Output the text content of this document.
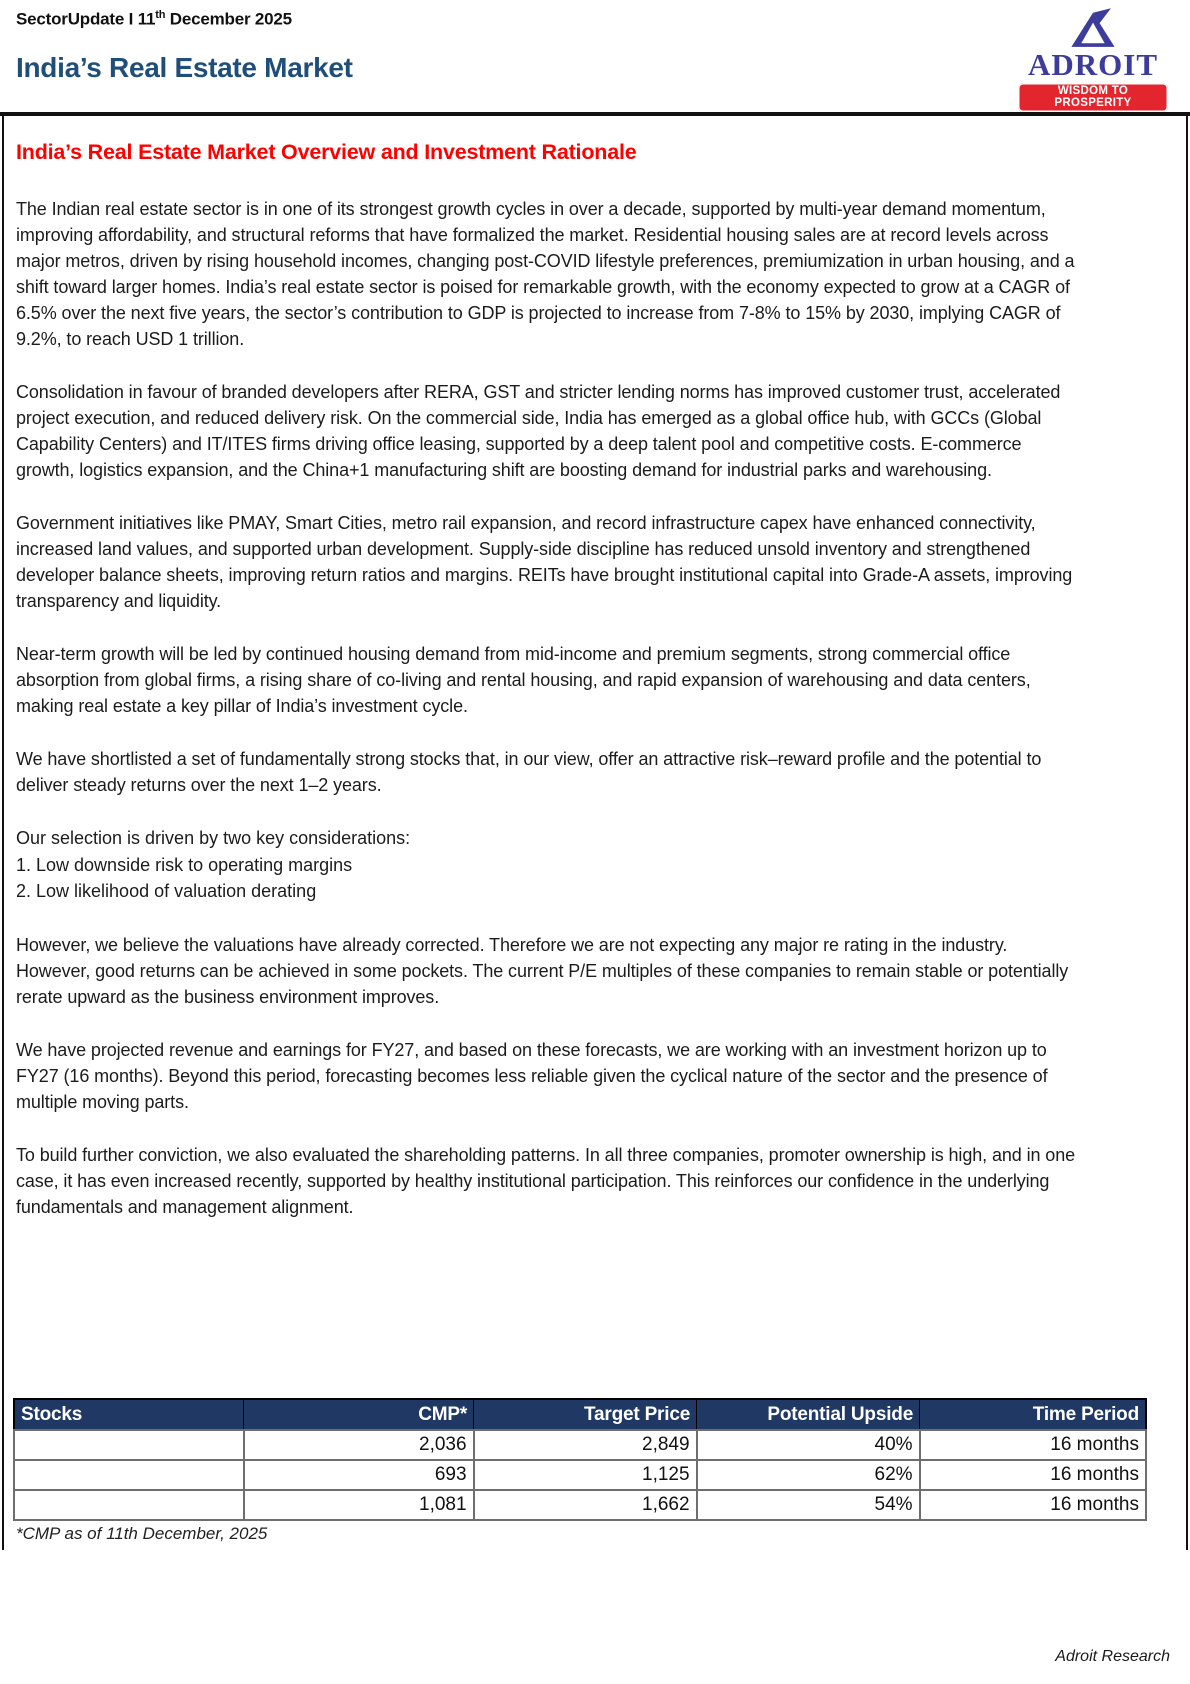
SectorUpdate I 11th December 2025
India’s Real Estate Market	ADROIT
WISDOM TO PROSPERITY
India’s Real Estate Market Overview and Investment Rationale

The Indian real estate sector is in one of its strongest growth cycles in over a decade, supported by multi-year demand momentum, improving affordability, and structural reforms that have formalized the market. Residential housing sales are at record levels across major metros, driven by rising household incomes, changing post-COVID lifestyle preferences, premiumization in urban housing, and a shift toward larger homes. India’s real estate sector is poised for remarkable growth, with the economy expected to grow at a CAGR of 6.5% over the next five years, the sector’s contribution to GDP is projected to increase from 7-8% to 15% by 2030, implying CAGR of 9.2%, to reach USD 1 trillion.

Consolidation in favour of branded developers after RERA, GST and stricter lending norms has improved customer trust, accelerated project execution, and reduced delivery risk. On the commercial side, India has emerged as a global office hub, with GCCs (Global Capability Centers) and IT/ITES firms driving office leasing, supported by a deep talent pool and competitive costs. E-commerce growth, logistics expansion, and the China+1 manufacturing shift are boosting demand for industrial parks and warehousing.

Government initiatives like PMAY, Smart Cities, metro rail expansion, and record infrastructure capex have enhanced connectivity, increased land values, and supported urban development. Supply-side discipline has reduced unsold inventory and strengthened developer balance sheets, improving return ratios and margins. REITs have brought institutional capital into Grade-A assets, improving transparency and liquidity.

Near-term growth will be led by continued housing demand from mid-income and premium segments, strong commercial office absorption from global firms, a rising share of co-living and rental housing, and rapid expansion of warehousing and data centers, making real estate a key pillar of India’s investment cycle.

We have shortlisted a set of fundamentally strong stocks that, in our view, offer an attractive risk–reward profile and the potential to deliver steady returns over the next 1–2 years.

Our selection is driven by two key considerations:
1. Low downside risk to operating margins
2. Low likelihood of valuation derating

However, we believe the valuations have already corrected. Therefore we are not expecting any major re rating in the industry. However, good returns can be achieved in some pockets. The current P/E multiples of these companies to remain stable or potentially rerate upward as the business environment improves.

We have projected revenue and earnings for FY27, and based on these forecasts, we are working with an investment horizon up to FY27 (16 months). Beyond this period, forecasting becomes less reliable given the cyclical nature of the sector and the presence of multiple moving parts.

To build further conviction, we also evaluated the shareholding patterns. In all three companies, promoter ownership is high, and in one case, it has even increased recently, supported by healthy institutional participation. This reinforces our confidence in the underlying fundamentals and management alignment.

Stocks	CMP*	Target Price	Potential Upside	Time Period
	2,036	2,849	40%	16 months
	693	1,125	62%	16 months
	1,081	1,662	54%	16 months
*CMP as of 11th December, 2025
Adroit Research
